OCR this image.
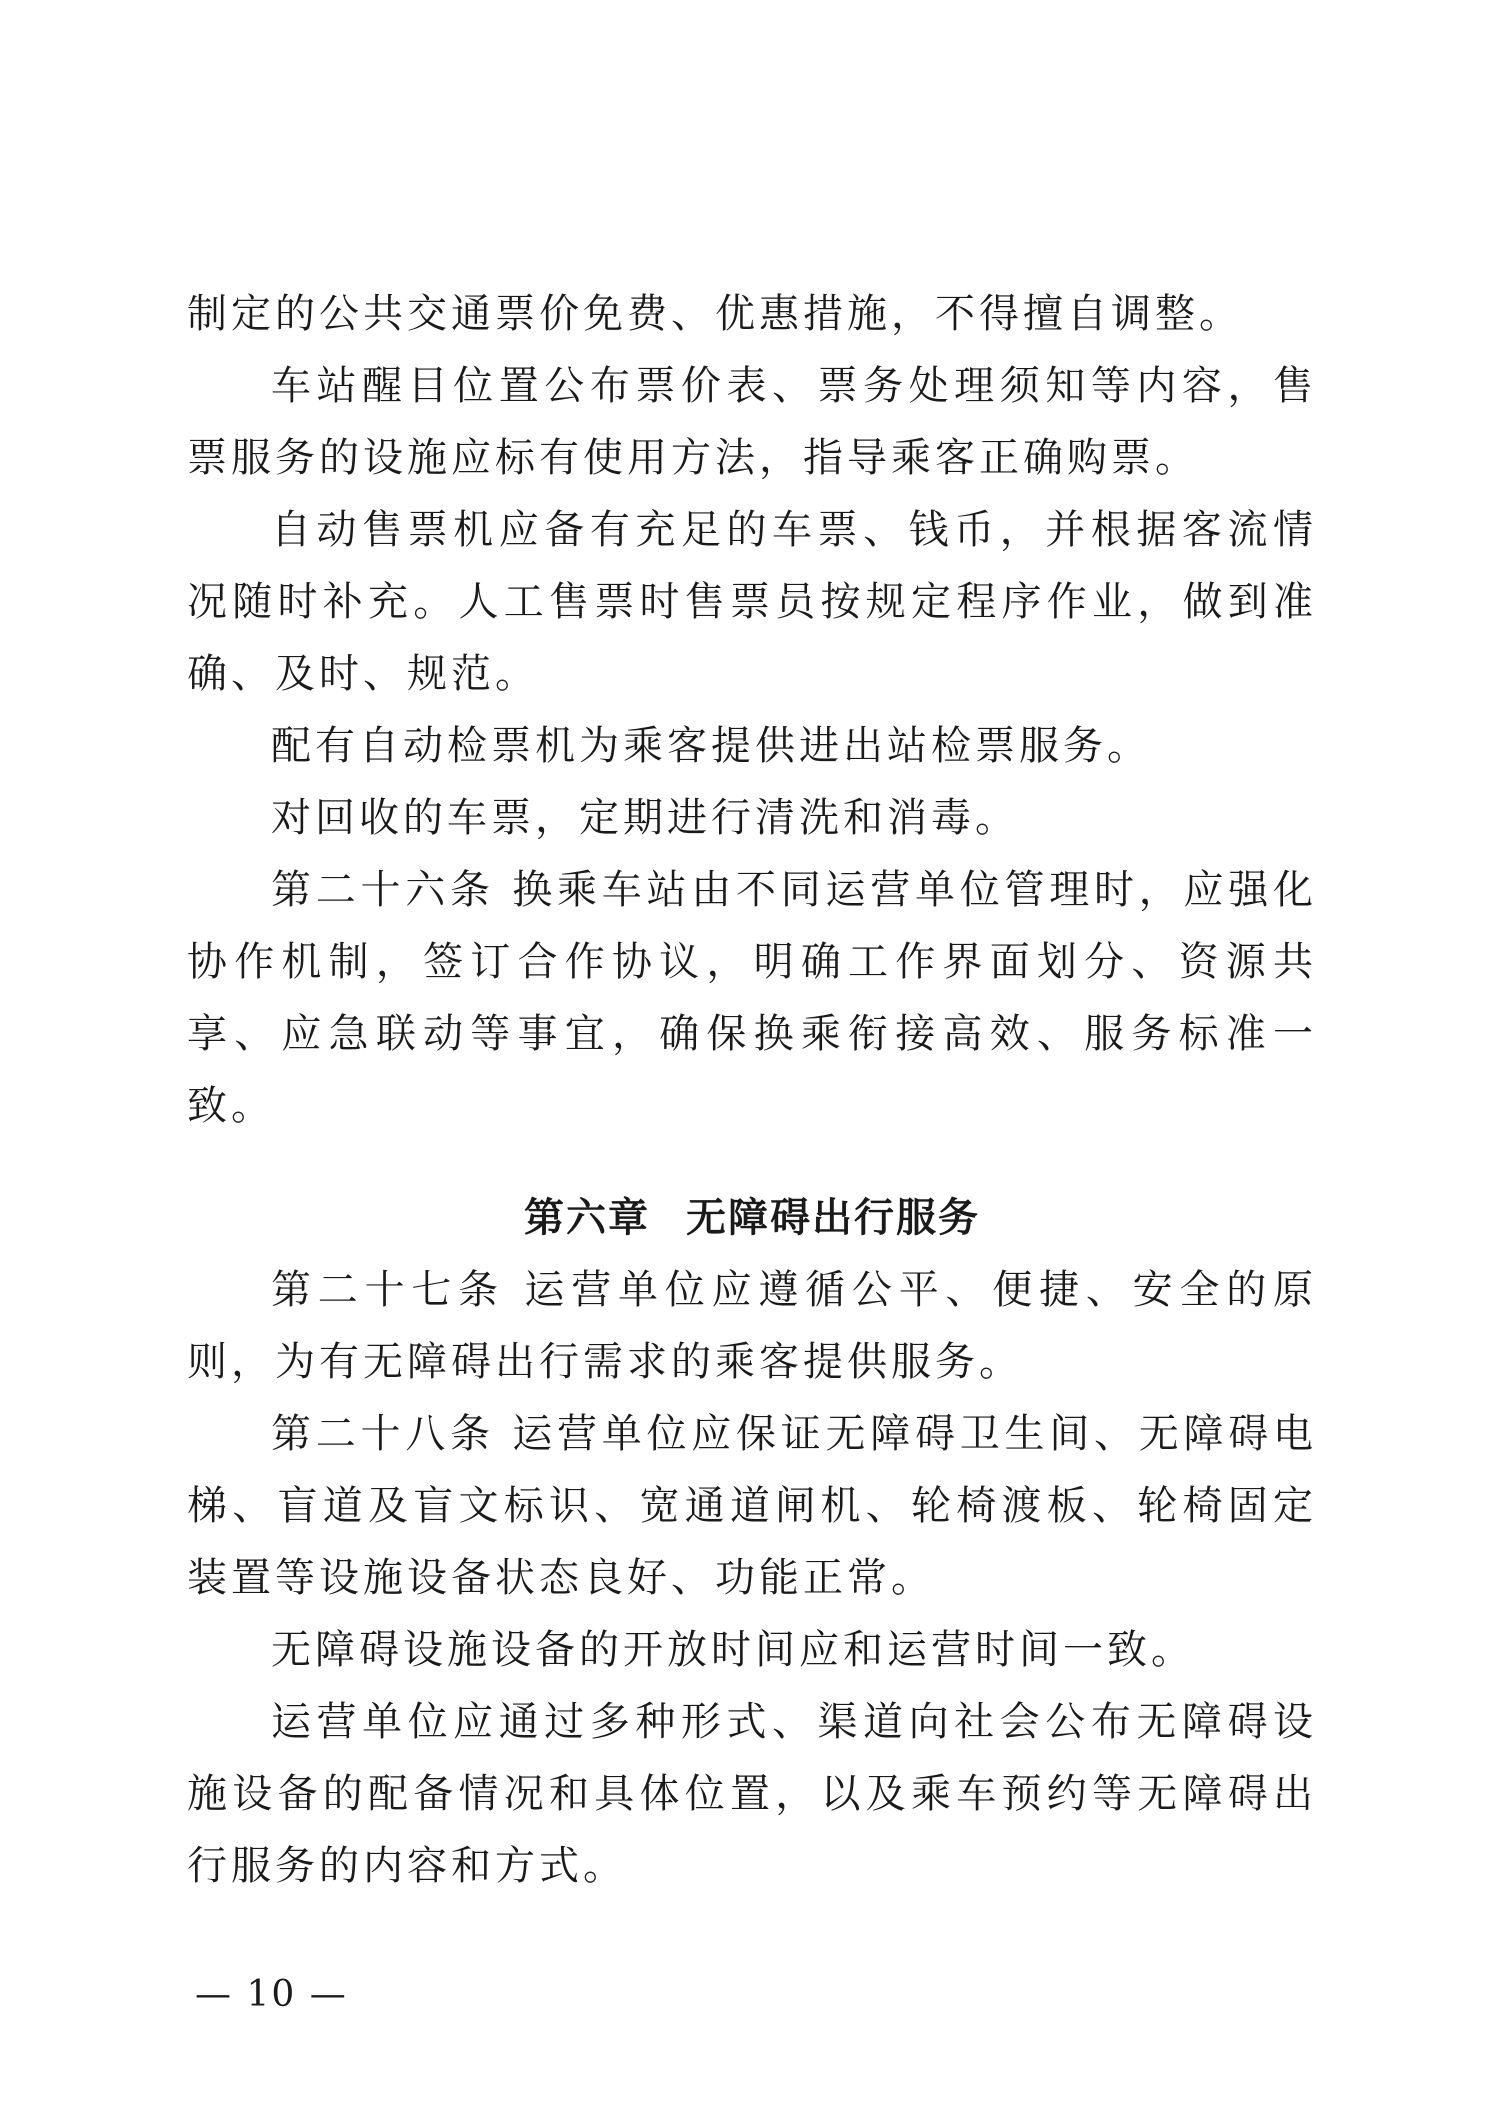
制定的公共交通票价免费、优惠措施，不得擅自调整。

车站醒目位置公布票价表、票务处理须知等内容，售票服务的设施应标有使用方法，指导乘客正确购票。

自动售票机应备有充足的车票、钱币，并根据客流情况随时补充。人工售票时售票员按规定程序作业，做到准确、及时、规范。

配有自动检票机为乘客提供进出站检票服务。

对回收的车票，定期进行清洗和消毒。

第二十六条 换乘车站由不同运营单位管理时，应强化协作机制，签订合作协议，明确工作界面划分、资源共享、应急联动等事宜，确保换乘衔接高效、服务标准一致。

第六章 无障碍出行服务

第二十七条 运营单位应遵循公平、便捷、安全的原则，为有无障碍出行需求的乘客提供服务。

第二十八条 运营单位应保证无障碍卫生间、无障碍电梯、盲道及盲文标识、宽通道闸机、轮椅渡板、轮椅固定装置等设施设备状态良好、功能正常。

无障碍设施设备的开放时间应和运营时间一致。

运营单位应通过多种形式、渠道向社会公布无障碍设施设备的配备情况和具体位置，以及乘车预约等无障碍出行服务的内容和方式。

— 10 —
